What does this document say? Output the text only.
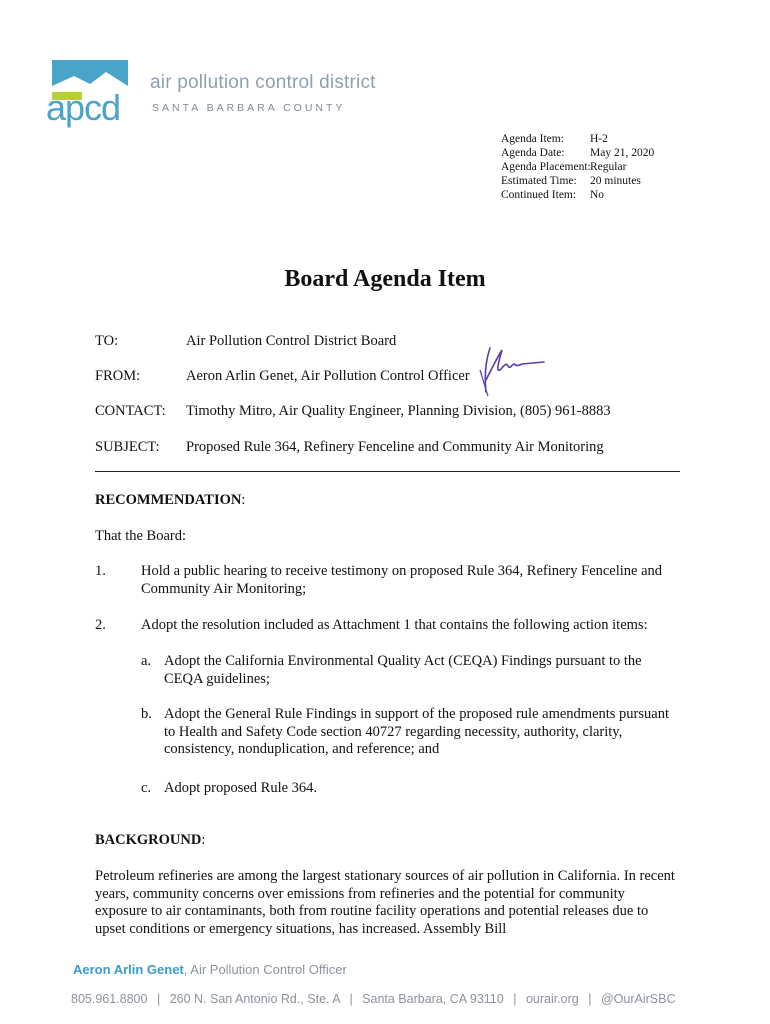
apcd
air pollution control district
SANTA BARBARA COUNTY
Agenda Item: H-2
Agenda Date: May 21, 2020
Agenda Placement: Regular
Estimated Time: 20 minutes
Continued Item: No
Board Agenda Item
TO:	Air Pollution Control District Board
FROM:	Aeron Arlin Genet, Air Pollution Control Officer
CONTACT: Timothy Mitro, Air Quality Engineer, Planning Division, (805) 961-8883
SUBJECT: Proposed Rule 364, Refinery Fenceline and Community Air Monitoring
RECOMMENDATION:
That the Board:
1. Hold a public hearing to receive testimony on proposed Rule 364, Refinery Fenceline and Community Air Monitoring;
2. Adopt the resolution included as Attachment 1 that contains the following action items:
a. Adopt the California Environmental Quality Act (CEQA) Findings pursuant to the CEQA guidelines;
b. Adopt the General Rule Findings in support of the proposed rule amendments pursuant to Health and Safety Code section 40727 regarding necessity, authority, clarity, consistency, nonduplication, and reference; and
c. Adopt proposed Rule 364.
BACKGROUND:
Petroleum refineries are among the largest stationary sources of air pollution in California. In recent years, community concerns over emissions from refineries and the potential for community exposure to air contaminants, both from routine facility operations and potential releases due to upset conditions or emergency situations, has increased. Assembly Bill
Aeron Arlin Genet, Air Pollution Control Officer
805.961.8800 | 260 N. San Antonio Rd., Ste. A | Santa Barbara, CA 93110 | ourair.org | @OurAirSBC
